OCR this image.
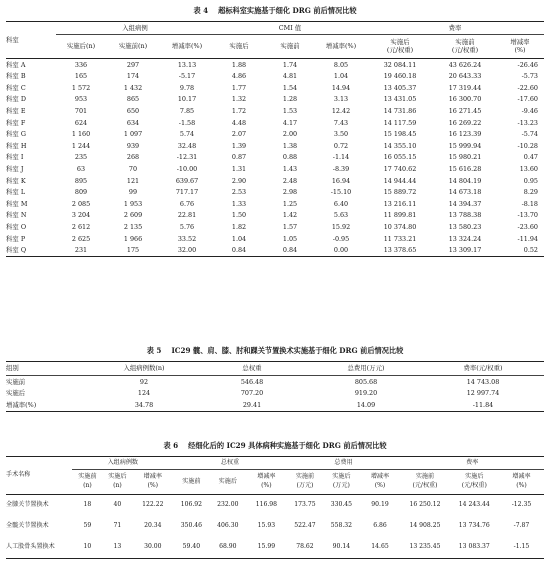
表 4 超标科室实施基于细化 DRG 前后情况比较
科室	入组病例			CMI 值			费率		
	实施后(n)	实施前(n)	增减率(%)	实施后	实施前	增减率(%)	实施后	实施前	增减率
							(元/权重)	(元/权重)	(%)
科室 A	336	297	13.13	1.88	1.74	8.05	32 084.11	43 626.24	-26.46
科室 B	165	174	-5.17	4.86	4.81	1.04	19 460.18	20 643.33	-5.73
科室 C	1 572	1 432	9.78	1.77	1.54	14.94	13 405.37	17 319.44	-22.60
科室 D	953	865	10.17	1.32	1.28	3.13	13 431.05	16 300.70	-17.60
科室 E	701	650	7.85	1.72	1.53	12.42	14 731.86	16 271.45	-9.46
科室 F	624	634	-1.58	4.48	4.17	7.43	14 117.59	16 269.22	-13.23
科室 G	1 160	1 097	5.74	2.07	2.00	3.50	15 198.45	16 123.39	-5.74
科室 H	1 244	939	32.48	1.39	1.38	0.72	14 355.10	15 999.94	-10.28
科室 I	235	268	-12.31	0.87	0.88	-1.14	16 055.15	15 980.21	0.47
科室 J	63	70	-10.00	1.31	1.43	-8.39	17 740.62	15 616.28	13.60
科室 K	895	121	639.67	2.90	2.48	16.94	14 944.44	14 804.19	0.95
科室 L	809	99	717.17	2.53	2.98	-15.10	15 889.72	14 673.18	8.29
科室 M	2 085	1 953	6.76	1.33	1.25	6.40	13 216.11	14 394.37	-8.18
科室 N	3 204	2 609	22.81	1.50	1.42	5.63	11 899.81	13 788.38	-13.70
科室 O	2 612	2 135	5.76	1.82	1.57	15.92	10 374.80	13 580.23	-23.60
科室 P	2 625	1 966	33.52	1.04	1.05	-0.95	11 733.21	13 324.24	-11.94
科室 Q	231	175	32.00	0.84	0.84	0.00	13 378.65	13 309.17	0.52
表 5 IC29 髋、肩、膝、肘和踝关节置换术实施基于细化 DRG 前后情况比较
组别	入组病例数(n)	总权重	总费用(万元)	费率(元/权重)
实施前	92	546.48	805.68	14 743.08
实施后	124	707.20	919.20	12 997.74
增减率(%)	34.78	29.41	14.09	-11.84
表 6 经细化后的 IC29 具体病种实施基于细化 DRG 前后情况比较
手术名称	入组病例数			总权重			总费用			费率		
	实施前	实施后	增减率	实施前	实施后	增减率	实施前	实施后	增减率	实施前	实施后	增减率
	(n)	(n)	(%)			(%)	(万元)	(万元)	(%)	(元/权重)	(元/权重)	(%)
全膝关节置换术	18	40	122.22	106.92	232.00	116.98	173.75	330.45	90.19	16 250.12	14 243.44	-12.35
全髋关节置换术	59	71	20.34	350.46	406.30	15.93	522.47	558.32	6.86	14 908.25	13 734.76	-7.87
人工股骨头置换术	10	13	30.00	59.40	68.90	15.99	78.62	90.14	14.65	13 235.45	13 083.37	-1.15
